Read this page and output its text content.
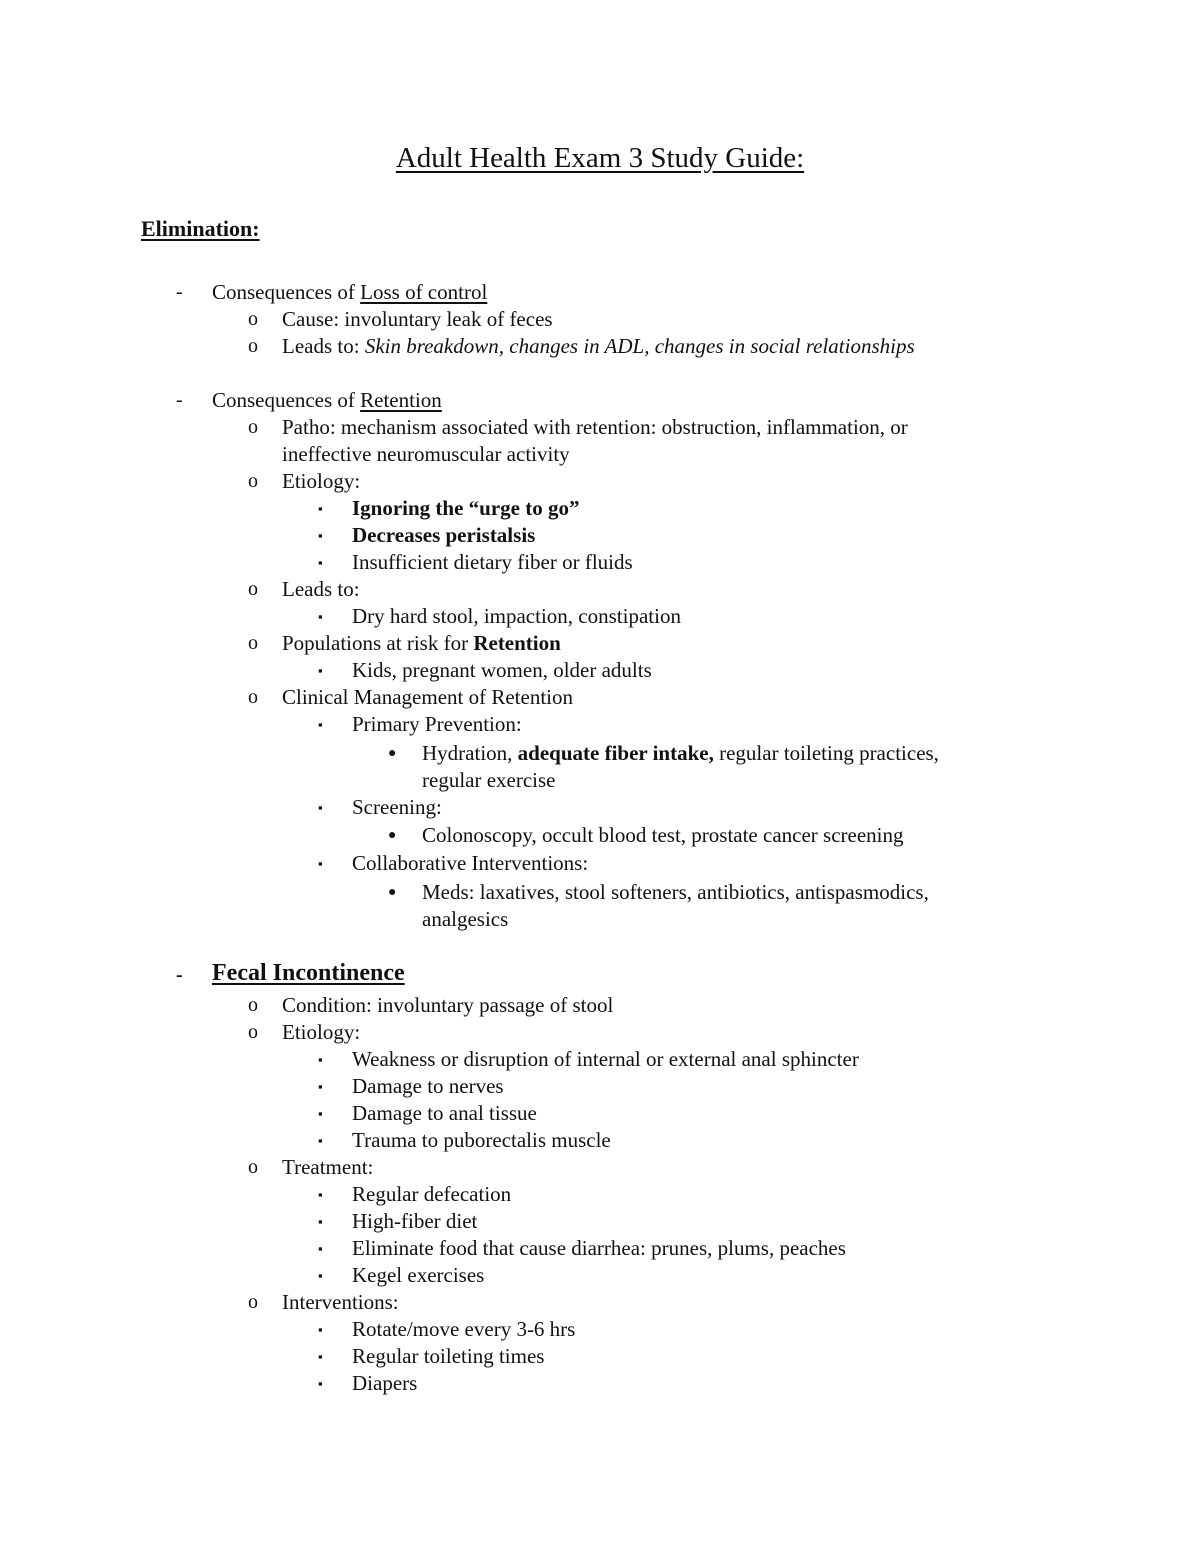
Adult Health Exam 3 Study Guide:
Elimination:
- Consequences of Loss of control
o Cause: involuntary leak of feces
o Leads to: Skin breakdown, changes in ADL, changes in social relationships
- Consequences of Retention
o Patho: mechanism associated with retention: obstruction, inflammation, or
ineffective neuromuscular activity
o Etiology:
▪ Ignoring the “urge to go”
▪ Decreases peristalsis
▪ Insufficient dietary fiber or fluids
o Leads to:
▪ Dry hard stool, impaction, constipation
o Populations at risk for Retention
▪ Kids, pregnant women, older adults
o Clinical Management of Retention
▪ Primary Prevention:
● Hydration, adequate fiber intake, regular toileting practices,
regular exercise
▪ Screening:
● Colonoscopy, occult blood test, prostate cancer screening
▪ Collaborative Interventions:
● Meds: laxatives, stool softeners, antibiotics, antispasmodics,
analgesics
- Fecal Incontinence
o Condition: involuntary passage of stool
o Etiology:
▪ Weakness or disruption of internal or external anal sphincter
▪ Damage to nerves
▪ Damage to anal tissue
▪ Trauma to puborectalis muscle
o Treatment:
▪ Regular defecation
▪ High-fiber diet
▪ Eliminate food that cause diarrhea: prunes, plums, peaches
▪ Kegel exercises
o Interventions:
▪ Rotate/move every 3-6 hrs
▪ Regular toileting times
▪ Diapers
